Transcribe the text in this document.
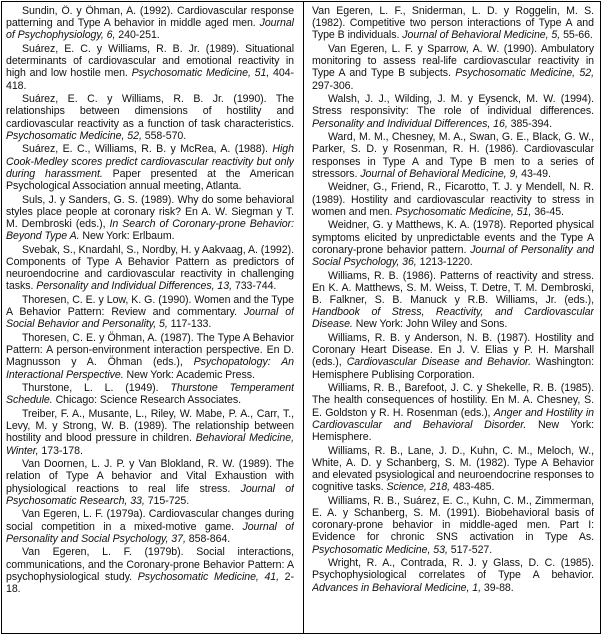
Sundin, Ö. y Öhman, A. (1992). Cardiovascular response patterning and Type A behavior in middle aged men. Journal of Psychophysiology, 6, 240-251.

Suárez, E. C. y Williams, R. B. Jr. (1989). Situational determinants of cardiovascular and emotional reactivity in high and low hostile men. Psychosomatic Medicine, 51, 404-418.

Suárez, E. C. y Williams, R. B. Jr. (1990). The relationships between dimensions of hostility and cardiovascular reactivity as a function of task characteristics. Psychosomatic Medicine, 52, 558-570.

Suárez, E. C., Williams, R. B. y McRea, A. (1988). High Cook-Medley scores predict cardiovascular reactivity but only during harassment. Paper presented at the American Psychological Association annual meeting, Atlanta.

Suls, J. y Sanders, G. S. (1989). Why do some behavioral styles place people at coronary risk? En A. W. Siegman y T. M. Dembroski (eds.), In Search of Coronary-prone Behavior: Beyond Type A. New York: Erlbaum.

Svebak, S., Knardahl, S., Nordby, H. y Aakvaag, A. (1992). Components of Type A Behavior Pattern as predictors of neuroendocrine and cardiovascular reactivity in challenging tasks. Personality and Individual Differences, 13, 733-744.

Thoresen, C. E. y Low, K. G. (1990). Women and the Type A Behavior Pattern: Review and commentary. Journal of Social Behavior and Personality, 5, 117-133.

Thoresen, C. E. y Öhman, A. (1987). The Type A Behavior Pattern: A person-environment interaction perspective. En D. Magnusson y A. Öhman (eds.), Psychopatology: An Interactional Perspective. New York: Academic Press.

Thurstone, L. L. (1949). Thurstone Temperament Schedule. Chicago: Science Research Associates.

Treiber, F. A., Musante, L., Riley, W. Mabe, P. A., Carr, T., Levy, M. y Strong, W. B. (1989). The relationship between hostility and blood pressure in children. Behavioral Medicine, Winter, 173-178.

Van Doornen, L. J. P. y Van Blokland, R. W. (1989). The relation of Type A behavior and Vital Exhaustion with physiological reactions to real life stress. Journal of Psychosomatic Research, 33, 715-725.

Van Egeren, L. F. (1979a). Cardiovascular changes during social competition in a mixed-motive game. Journal of Personality and Social Psychology, 37, 858-864.

Van Egeren, L. F. (1979b). Social interactions, communications, and the Coronary-prone Behavior Pattern: A psychophysiological study. Psychosomatic Medicine, 41, 2-18.

Van Egeren, L. F., Sniderman, L. D. y Roggelin, M. S. (1982). Competitive two person interactions of Type A and Type B individuals. Journal of Behavioral Medicine, 5, 55-66.

Van Egeren, L. F. y Sparrow, A. W. (1990). Ambulatory monitoring to assess real-life cardiovascular reactivity in Type A and Type B subjects. Psychosomatic Medicine, 52, 297-306.

Walsh, J. J., Wilding, J. M. y Eysenck, M. W. (1994). Stress responsivity: The role of individual differences. Personality and Individual Differences, 16, 385-394.

Ward, M. M., Chesney, M. A., Swan, G. E., Black, G. W., Parker, S. D. y Rosenman, R. H. (1986). Cardiovascular responses in Type A and Type B men to a series of stressors. Journal of Behavioral Medicine, 9, 43-49.

Weidner, G., Friend, R., Ficarotto, T. J. y Mendell, N. R. (1989). Hostility and cardiovascular reactivity to stress in women and men. Psychosomatic Medicine, 51, 36-45.

Weidner, G. y Matthews, K. A. (1978). Reported physical symptoms elicited by unpredictable events and the Type A coronary-prone behavior pattern. Journal of Personality and Social Psychology, 36, 1213-1220.

Williams, R. B. (1986). Patterns of reactivity and stress. En K. A. Matthews, S. M. Weiss, T. Detre, T. M. Dembroski, B. Falkner, S. B. Manuck y R.B. Williams, Jr. (eds.), Handbook of Stress, Reactivity, and Cardiovascular Disease. New York: John Wiley and Sons.

Williams, R. B. y Anderson, N. B. (1987). Hostility and Coronary Heart Disease. En J. V. Elias y P. H. Marshall (eds.), Cardiovascular Disease and Behavior. Washington: Hemisphere Publising Corporation.

Williams, R. B., Barefoot, J. C. y Shekelle, R. B. (1985). The health consequences of hostility. En M. A. Chesney, S. E. Goldston y R. H. Rosenman (eds.), Anger and Hostility in Cardiovascular and Behavioral Disorder. New York: Hemisphere.

Williams, R. B., Lane, J. D., Kuhn, C. M., Meloch, W., White, A. D. y Schanberg, S. M. (1982). Type A Behavior and elevated psysiological and neuroendocrine responses to cognitive tasks. Science, 218, 483-485.

Williams, R. B., Suárez, E. C., Kuhn, C. M., Zimmerman, E. A. y Schanberg, S. M. (1991). Biobehavioral basis of coronary-prone behavior in middle-aged men. Part I: Evidence for chronic SNS activation in Type As. Psychosomatic Medicine, 53, 517-527.

Wright, R. A., Contrada, R. J. y Glass, D. C. (1985). Psychophysiological correlates of Type A behavior. Advances in Behavioral Medicine, 1, 39-88.
